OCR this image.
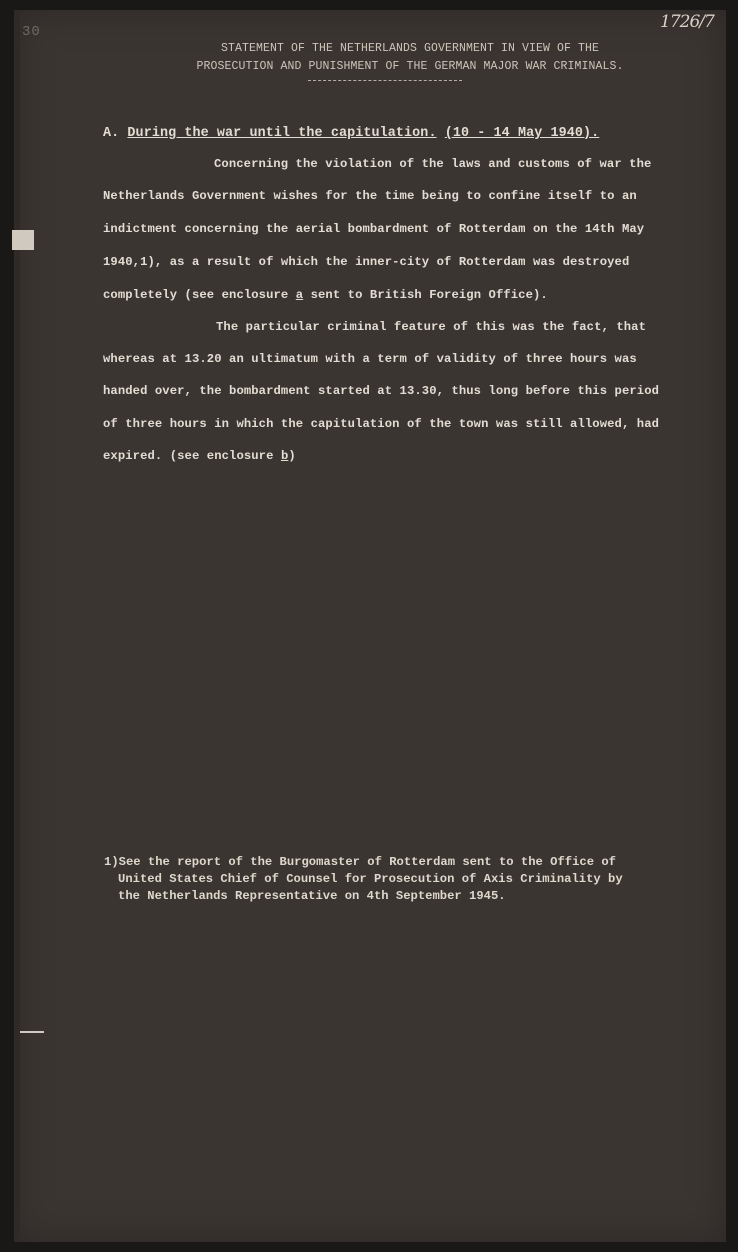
30	1726/7
STATEMENT OF THE NETHERLANDS GOVERNMENT IN VIEW OF THE
PROSECUTION AND PUNISHMENT OF THE GERMAN MAJOR WAR CRIMINALS.
A. During the war until the capitulation. (10 - 14 May 1940).
Concerning the violation of the laws and customs of war the
Netherlands Government wishes for the time being to confine itself to an
indictment concerning the aerial bombardment of Rotterdam on the 14th May
1940,1), as a result of which the inner-city of Rotterdam was destroyed
completely (see enclosure a sent to British Foreign Office).
The particular criminal feature of this was the fact, that
whereas at 13.20 an ultimatum with a term of validity of three hours was
handed over, the bombardment started at 13.30, thus long before this period
of three hours in which the capitulation of the town was still allowed, had
expired. (see enclosure b)
1)See the report of the Burgomaster of Rotterdam sent to the Office of
United States Chief of Counsel for Prosecution of Axis Criminality by
the Netherlands Representative on 4th September 1945.
